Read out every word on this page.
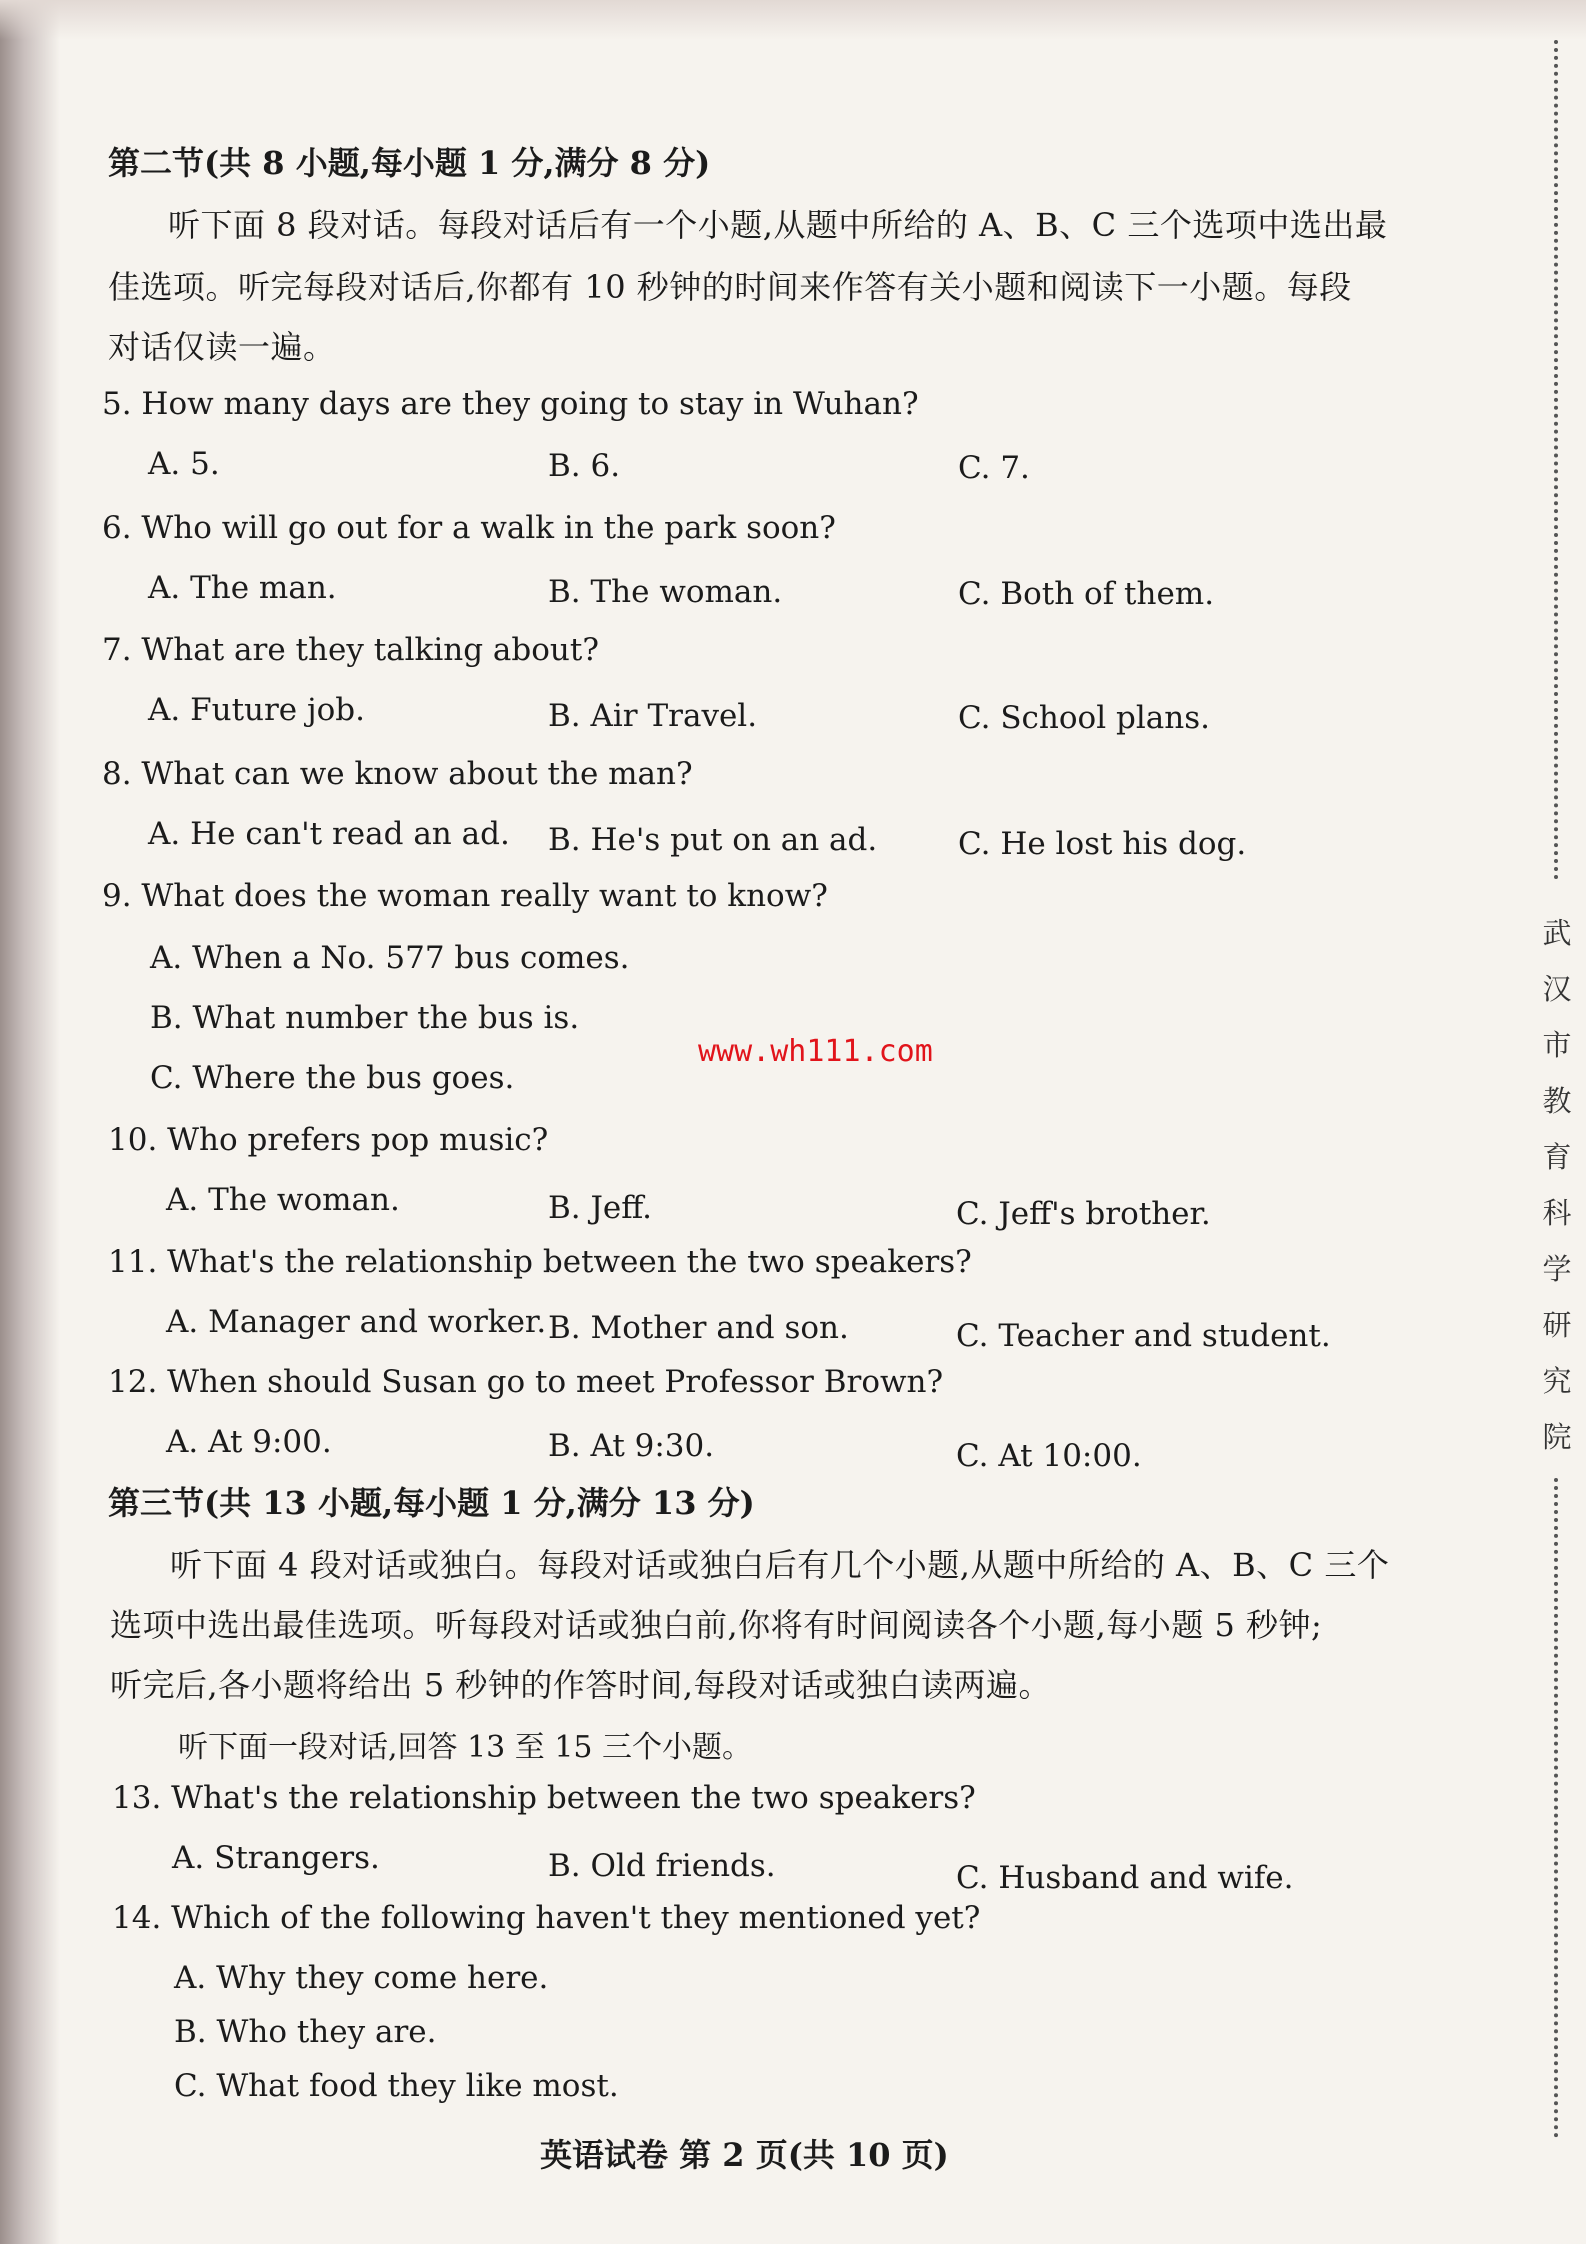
第二节(共 8 小题,每小题 1 分,满分 8 分)
听下面 8 段对话。每段对话后有一个小题,从题中所给的 A、B、C 三个选项中选出最
佳选项。听完每段对话后,你都有 10 秒钟的时间来作答有关小题和阅读下一小题。每段
对话仅读一遍。
5. How many days are they going to stay in Wuhan?
A. 5.	B. 6.	C. 7.
6. Who will go out for a walk in the park soon?
A. The man.	B. The woman.	C. Both of them.
7. What are they talking about?
A. Future job.	B. Air Travel.	C. School plans.
8. What can we know about the man?
A. He can't read an ad. B. He's put on an ad.	C. He lost his dog.
9. What does the woman really want to know?
A. When a No. 577 bus comes.
B. What number the bus is.
C. Where the bus goes.
www.wh111.com
10. Who prefers pop music?
A. The woman.	B. Jeff.	C. Jeff's brother.
11. What's the relationship between the two speakers?
A. Manager and worker. B. Mother and son.	C. Teacher and student.
12. When should Susan go to meet Professor Brown?
A. At 9:00.	B. At 9:30.	C. At 10:00.
第三节(共 13 小题,每小题 1 分,满分 13 分)
听下面 4 段对话或独白。每段对话或独白后有几个小题,从题中所给的 A、B、C 三个
选项中选出最佳选项。听每段对话或独白前,你将有时间阅读各个小题,每小题 5 秒钟;
听完后,各小题将给出 5 秒钟的作答时间,每段对话或独白读两遍。
听下面一段对话,回答 13 至 15 三个小题。
13. What's the relationship between the two speakers?
A. Strangers.	B. Old friends.	C. Husband and wife.
14. Which of the following haven't they mentioned yet?
A. Why they come here.
B. Who they are.
C. What food they like most.
英语试卷 第 2 页(共 10 页)
武
汉
市
教
育
科
学
研
究
院
